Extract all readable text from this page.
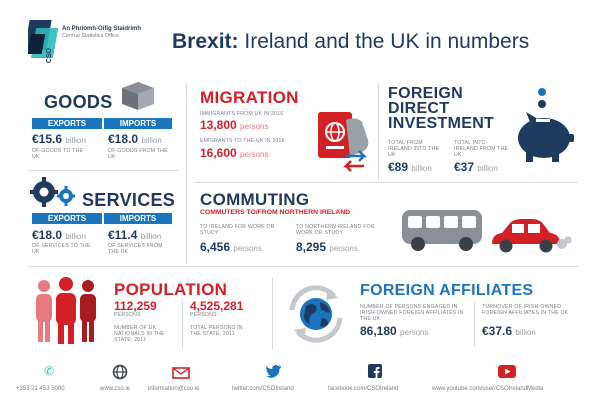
CSO
An Phríomh-Oifig Staidrimh
Central Statistics Office	Brexit: Ireland and the UK in numbers
GOODS
EXPORTS	IMPORTS
€15.6 billion
OF GOODS TO THE UK
€18.0 billion
OF GOODS FROM THE UK
SERVICES
EXPORTS	IMPORTS
€18.0 billion
OF SERVICES TO THE UK
€11.4 billion
OF SERVICES FROM THE UK
MIGRATION
IMMIGRANTS FROM UK IN 2016
13,800 persons
EMIGRANTS TO THE UK IN 2016
16,600 persons
FOREIGN
DIRECT
INVESTMENT
TOTAL FROM IRELAND INTO THE UK
€89 billion
TOTAL INTO IRELAND FROM THE UK
€37 billion
COMMUTING
COMMUTERS TO/FROM NORTHERN IRELAND
TO IRELAND FOR WORK OR STUDY
6,456 persons
TO NORTHERN IRELAND FOR WORK OR STUDY
8,295 persons
POPULATION
112,259
PERSONS
NUMBER OF UK NATIONALS IN THE STATE, 2011
4,525,281
PERSONS
TOTAL PERSONS IN THE STATE, 2011
FOREIGN AFFILIATES
NUMBER OF PERSONS ENGAGED IN IRISH-OWNED FOREIGN AFFILIATES IN THE UK
86,180 persons
TURNOVER OF IRISH-OWNED FOREIGN AFFILIATES IN THE UK
€37.6 billion
✆
+353 21 453 5000	www.cso.ie	information@cso.ie	twitter.com/CSOIreland	facebook.com/CSOIreland	www.youtube.com/user/CSOIrelandMedia
